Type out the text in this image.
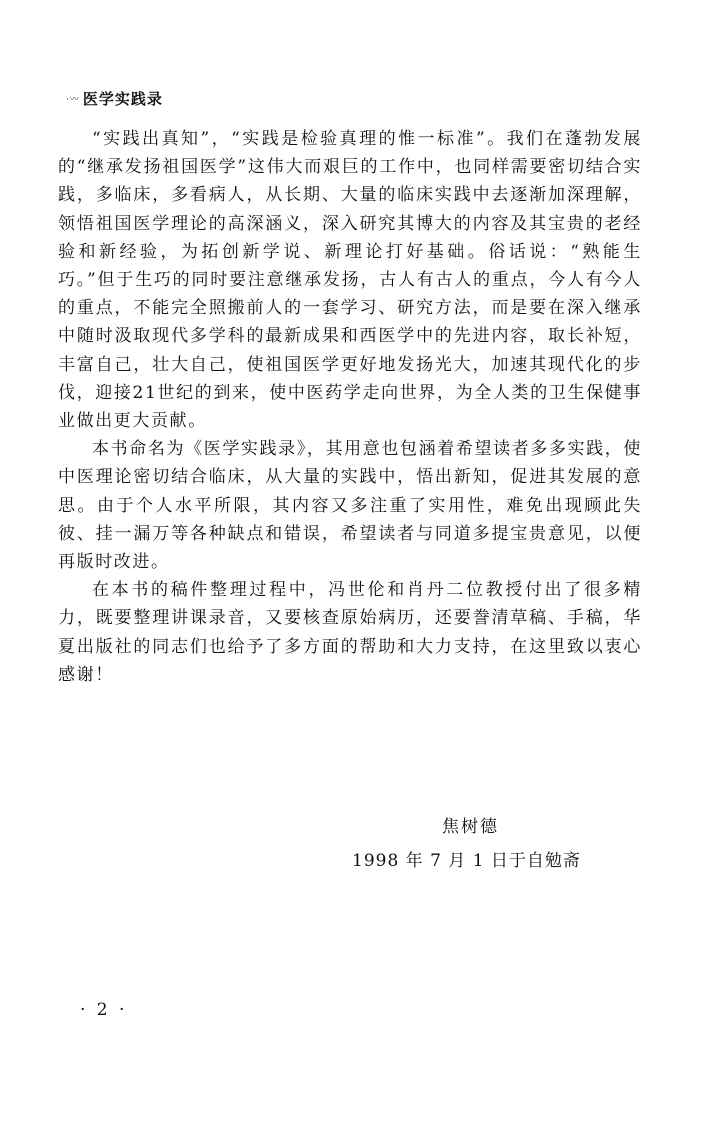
·〰 医学实践录

“实践出真知”，“实践是检验真理的惟一标准”。我们在蓬勃发展的“继承发扬祖国医学”这伟大而艰巨的工作中，也同样需要密切结合实践，多临床，多看病人，从长期、大量的临床实践中去逐渐加深理解，领悟祖国医学理论的高深涵义，深入研究其博大的内容及其宝贵的老经验和新经验，为拓创新学说、新理论打好基础。俗话说：“熟能生巧。”但于生巧的同时要注意继承发扬，古人有古人的重点，今人有今人的重点，不能完全照搬前人的一套学习、研究方法，而是要在深入继承中随时汲取现代多学科的最新成果和西医学中的先进内容，取长补短，丰富自己，壮大自己，使祖国医学更好地发扬光大，加速其现代化的步伐，迎接21世纪的到来，使中医药学走向世界，为全人类的卫生保健事业做出更大贡献。

本书命名为《医学实践录》，其用意也包涵着希望读者多多实践，使中医理论密切结合临床，从大量的实践中，悟出新知，促进其发展的意思。由于个人水平所限，其内容又多注重了实用性，难免出现顾此失彼、挂一漏万等各种缺点和错误，希望读者与同道多提宝贵意见，以便再版时改进。

在本书的稿件整理过程中，冯世伦和肖丹二位教授付出了很多精力，既要整理讲课录音，又要核查原始病历，还要誊清草稿、手稿，华夏出版社的同志们也给予了多方面的帮助和大力支持，在这里致以衷心感谢！

焦树德
1998 年 7 月 1 日于自勉斋
· 2 ·
